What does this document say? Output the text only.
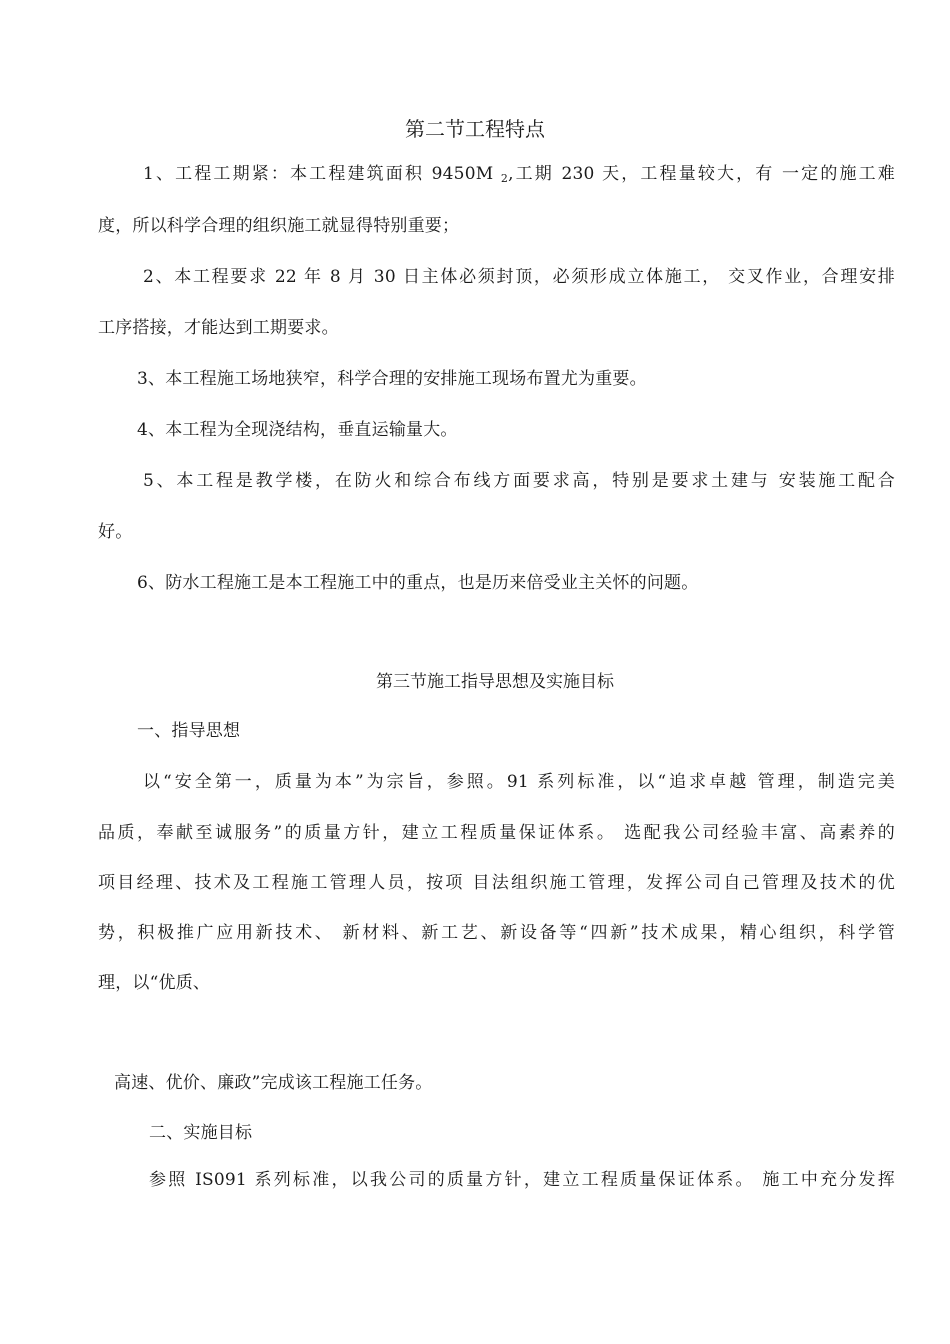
第二节工程特点
1、工程工期紧：本工程建筑面积 9450M $_2$,工期 230 天，工程量较大，有 一定的施工难
度，所以科学合理的组织施工就显得特别重要；
2、本工程要求 22 年 8 月 30 日主体必须封顶，必须形成立体施工， 交叉作业，合理安排
工序搭接，才能达到工期要求。
3、本工程施工场地狭窄，科学合理的安排施工现场布置尤为重要。
4、本工程为全现浇结构，垂直运输量大。
5、本工程是教学楼，在防火和综合布线方面要求高，特别是要求土建与 安装施工配合
好。
6、防水工程施工是本工程施工中的重点，也是历来倍受业主关怀的问题。
第三节施工指导思想及实施目标
一、指导思想
以“安全第一，质量为本”为宗旨，参照。91 系列标准，以“追求卓越 管理，制造完美
品质，奉献至诚服务”的质量方针，建立工程质量保证体系。 选配我公司经验丰富、高素养的
项目经理、技术及工程施工管理人员，按项 目法组织施工管理，发挥公司自己管理及技术的优
势，积极推广应用新技术、 新材料、新工艺、新设备等“四新”技术成果，精心组织，科学管
理，以“优质、
高速、优价、廉政”完成该工程施工任务。
二、实施目标
参照 IS091 系列标准，以我公司的质量方针，建立工程质量保证体系。 施工中充分发挥
